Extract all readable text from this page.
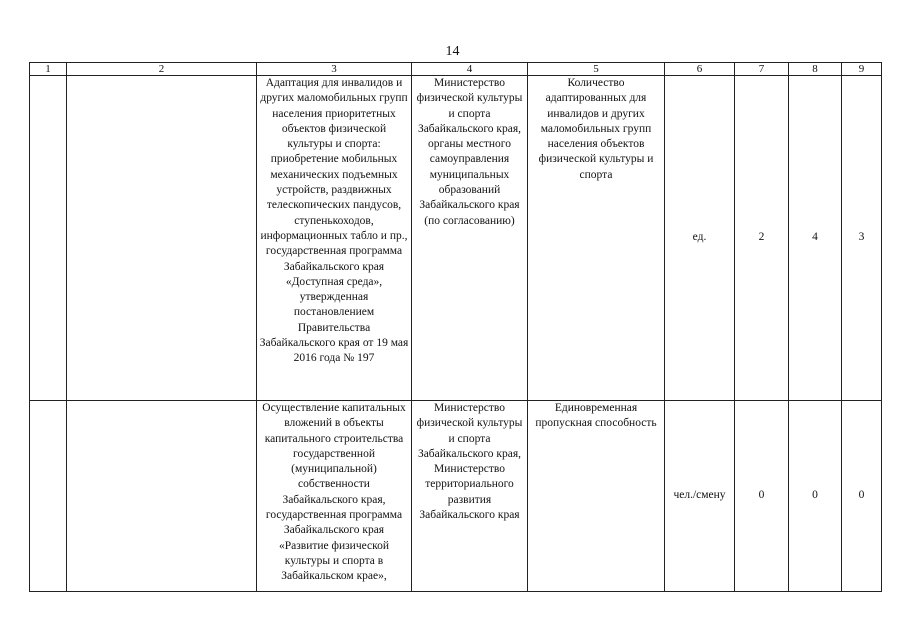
14
1	2	3	4	5	6	7	8	9
		Адаптация для инвалидов и других маломобильных групп населения приоритетных объектов физической культуры и спорта: приобретение мобильных механических подъемных устройств, раздвижных телескопических пандусов, ступенькоходов, информационных табло и пр., государственная программа Забайкальского края «Доступная среда», утвержденная постановлением Правительства Забайкальского края от 19 мая 2016 года № 197	Министерство физической культуры и спорта Забайкальского края, органы местного самоуправления муниципальных образований Забайкальского края (по согласованию)	Количество адаптированных для инвалидов и других маломобильных групп населения объектов физической культуры и спорта	ед.	2	4	3
		Осуществление капитальных вложений в объекты капитального строительства государственной (муниципальной) собственности Забайкальского края, государственная программа Забайкальского края «Развитие физической культуры и спорта в Забайкальском крае»,	Министерство физической культуры и спорта Забайкальского края, Министерство территориального развития Забайкальского края	Единовременная пропускная способность	чел./смену	0	0	0
